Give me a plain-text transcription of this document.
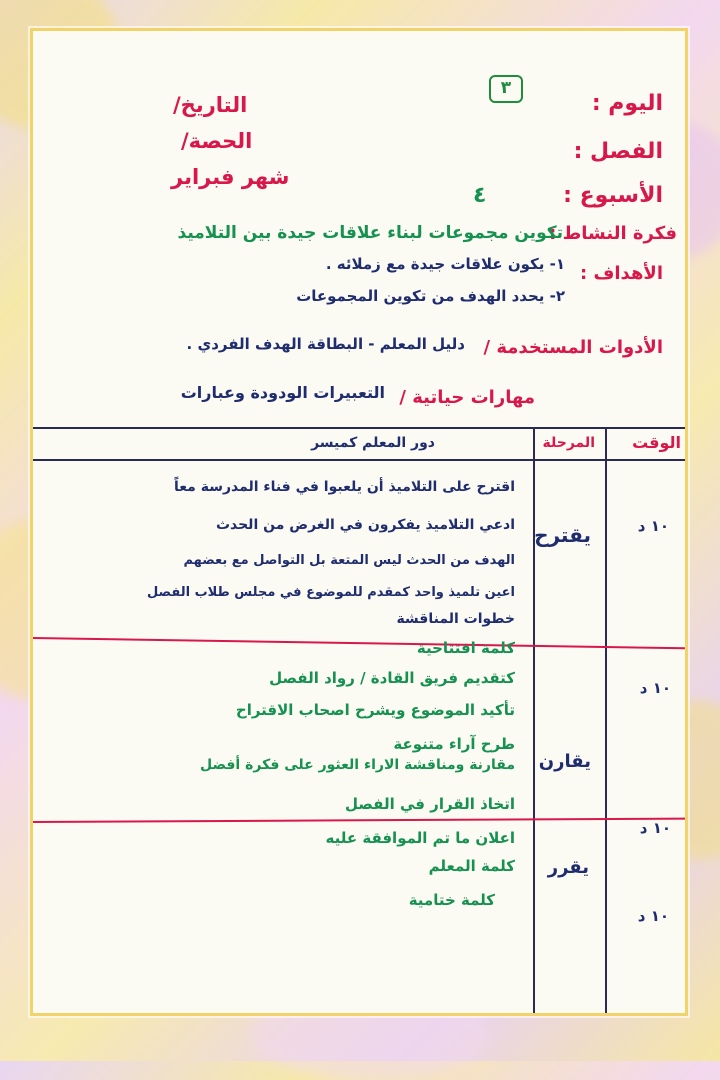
٣
التاريخ/
الحصة/
شهر فبراير
اليوم :
الفصل :
الأسبوع :
٤
فكرة النشاط :
تكوين مجموعات لبناء علاقات جيدة بين التلاميذ
الأهداف :
١- يكون علاقات جيدة مع زملائه .
٢- يحدد الهدف من تكوين المجموعات
الأدوات المستخدمة /
دليل المعلم - البطاقة الهدف الفردي .
مهارات حياتية /
التعبيرات الودودة وعبارات
الوقت
المرحلة
دور المعلم كميسر
١٠ د
يقترح
اقترح على التلاميذ أن يلعبوا في فناء المدرسة معاً
ادعي التلاميذ يفكرون في الغرض من الحدث
الهدف من الحدث ليس المتعة بل التواصل مع بعضهم
اعين تلميذ واحد كمقدم للموضوع في مجلس طلاب الفصل
خطوات المناقشة
١٠ د
يقارن
كلمة افتتاحية
كتقديم فريق القادة / رواد الفصل
تأكيد الموضوع ويشرح اصحاب الاقتراح
طرح آراء متنوعة
مقارنة ومناقشة الاراء العثور على فكرة أفضل
اتخاذ القرار في الفصل
١٠ د
يقرر
اعلان ما تم الموافقة عليه
كلمة المعلم
كلمة ختامية
١٠ د
